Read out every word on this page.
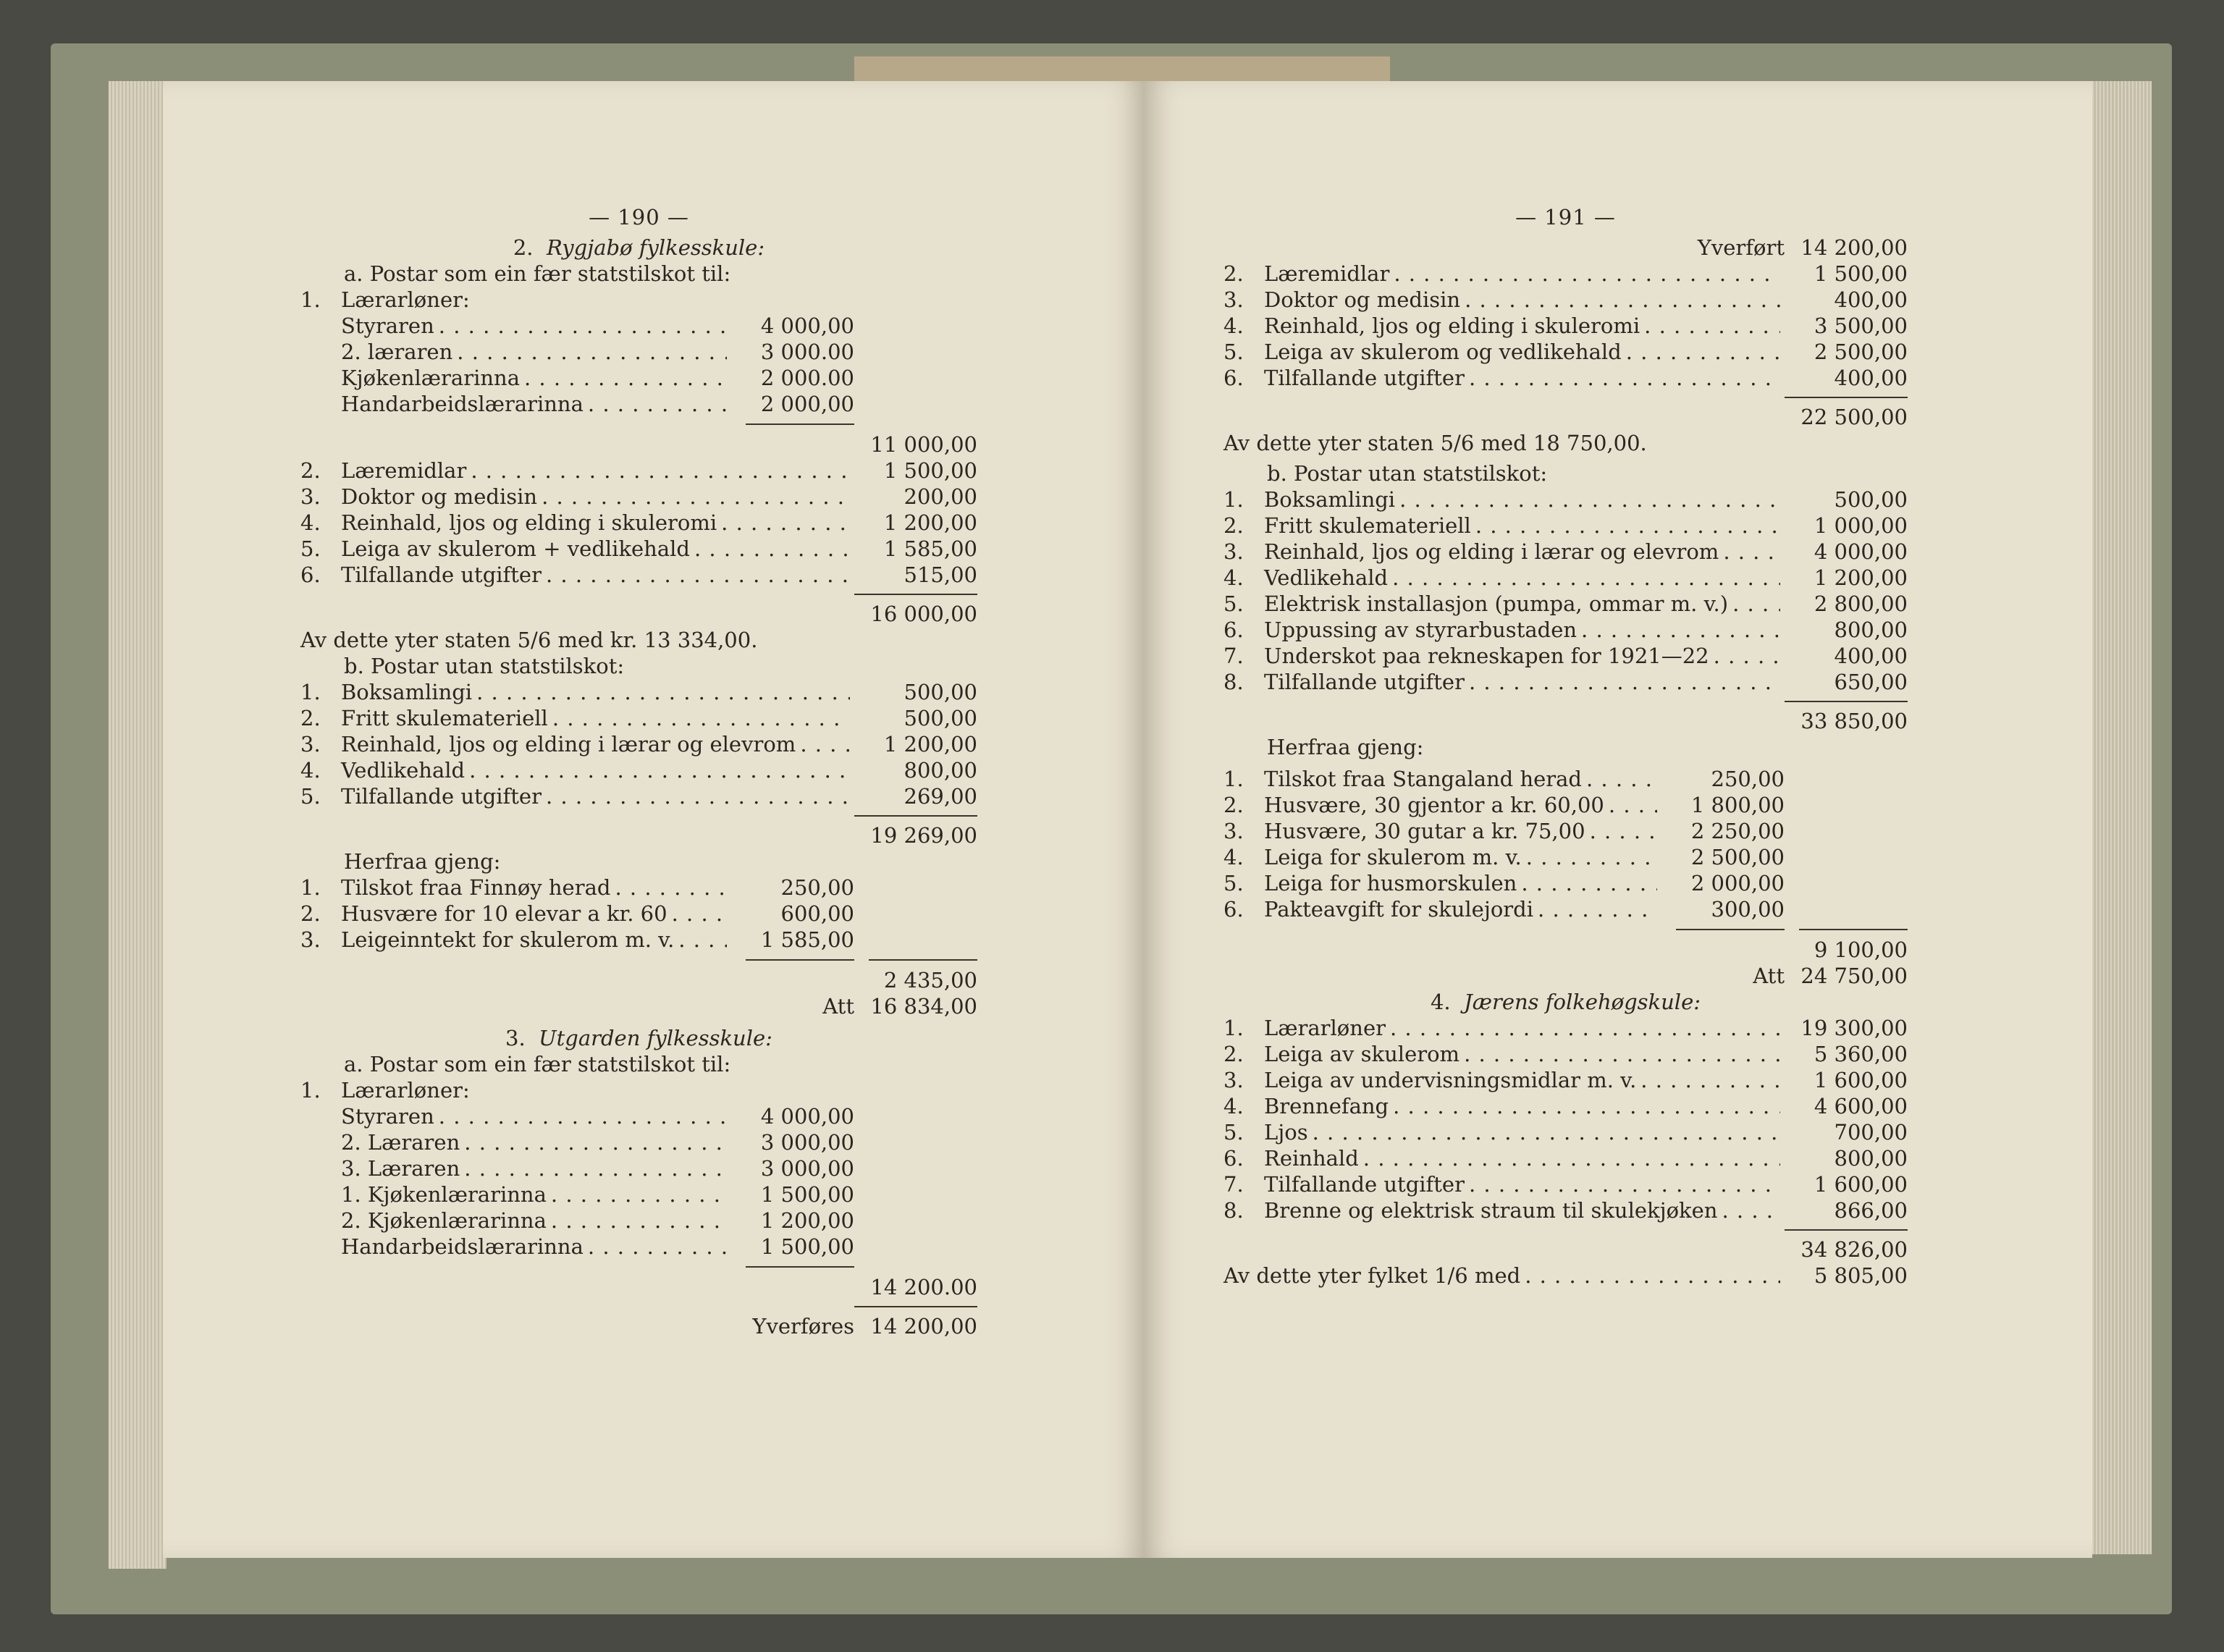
— 190 —
2.
Rygjabø fylkesskule:
a. Postar som ein fær statstilskot til:
1. Lærarløner:
Styraren . . .	4 000,00
2. læraren . . .	3 000.00
Kjøkenlærarinna . . .	2 000.00
Handarbeidslærarinna . . .	2 000,00
11 000,00
2. Læremidlar . . .	1 500,00
3. Doktor og medisin . . .	200,00
4. Reinhald, ljos og elding i skuleromi . . .	1 200,00
5. Leiga av skulerom + vedlikehald . . .	1 585,00
6. Tilfallande utgifter . . .	515,00
16 000,00
Av dette yter staten 5/6 med kr. 13 334,00.
b. Postar utan statstilskot:
1. Boksamlingi . . .	500,00
2. Fritt skulemateriell . . .	500,00
3. Reinhald, ljos og elding i lærar og elevrom . . .	1 200,00
4. Vedlikehald . . .	800,00
5. Tilfallande utgifter . . .	269,00
19 269,00
Herfraa gjeng:
1. Tilskot fraa Finnøy herad . . .	250,00
2. Husvære for 10 elevar a kr. 60 . . .	600,00
3. Leigeinntekt for skulerom m. v. . . .	1 585,00
2 435,00
Att 16 834,00
3.
Utgarden fylkesskule:
a. Postar som ein fær statstilskot til:
1. Lærarløner:
Styraren . . .	4 000,00
2. Læraren . . .	3 000,00
3. Læraren . . .	3 000,00
1. Kjøkenlærarinna . . .	1 500,00
2. Kjøkenlærarinna . . .	1 200,00
Handarbeidslærarinna . . .	1 500,00
14 200.00
Yverføres 14 200,00
— 191 —
Yverført 14 200,00
2. Læremidlar . . .	1 500,00
3. Doktor og medisin . . .	400,00
4. Reinhald, ljos og elding i skuleromi . . .	3 500,00
5. Leiga av skulerom og vedlikehald . . .	2 500,00
6. Tilfallande utgifter . . .	400,00
22 500,00
Av dette yter staten 5/6 med 18 750,00.
b. Postar utan statstilskot:
1. Boksamlingi . . .	500,00
2. Fritt skulemateriell . . .	1 000,00
3. Reinhald, ljos og elding i lærar og elevrom . . .	4 000,00
4. Vedlikehald . . .	1 200,00
5. Elektrisk installasjon (pumpa, ommar m. v.) . . .	2 800,00
6. Uppussing av styrarbustaden . . .	800,00
7. Underskot paa rekneskapen for 1921—22 . . .	400,00
8. Tilfallande utgifter . . .	650,00
33 850,00
Herfraa gjeng:
1. Tilskot fraa Stangaland herad . . .	250,00
2. Husvære, 30 gjentor a kr. 60,00 . . .	1 800,00
3. Husvære, 30 gutar a kr. 75,00 . . .	2 250,00
4. Leiga for skulerom m. v. . . .	2 500,00
5. Leiga for husmorskulen . . .	2 000,00
6. Pakteavgift for skulejordi . . .	300,00
9 100,00
Att 24 750,00
4.
Jærens folkehøgskule:
1. Lærarløner . . .	19 300,00
2. Leiga av skulerom . . .	5 360,00
3. Leiga av undervisningsmidlar m. v. . . .	1 600,00
4. Brennefang . . .	4 600,00
5. Ljos . . .	700,00
6. Reinhald . . .	800,00
7. Tilfallande utgifter . . .	1 600,00
8. Brenne og elektrisk straum til skulekjøken . . .	866,00
34 826,00
Av dette yter fylket 1/6 med . . .	5 805,00
